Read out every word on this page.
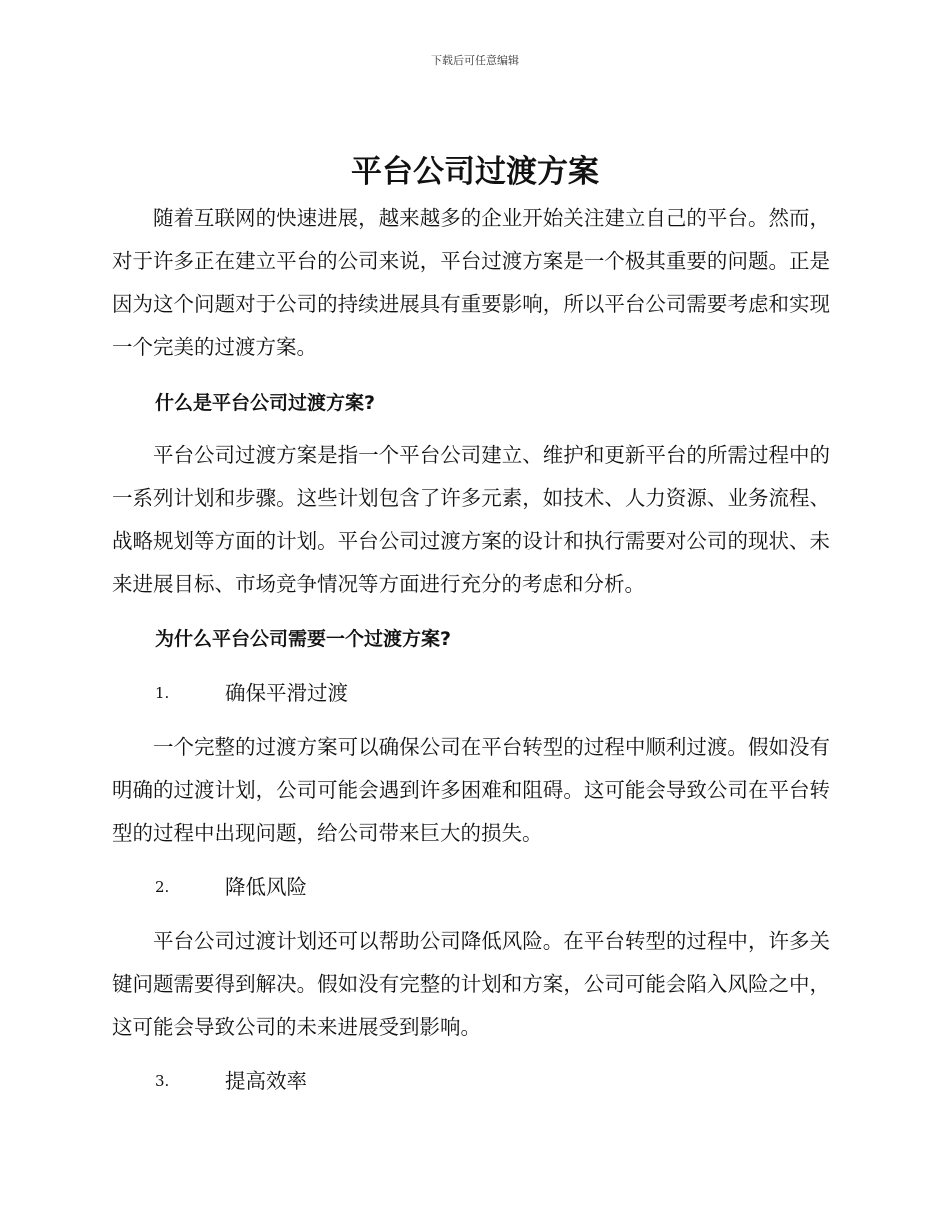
下载后可任意编辑
平台公司过渡方案

随着互联网的快速进展，越来越多的企业开始关注建立自己的平台。然而，对于许多正在建立平台的公司来说，平台过渡方案是一个极其重要的问题。正是因为这个问题对于公司的持续进展具有重要影响，所以平台公司需要考虑和实现一个完美的过渡方案。

什么是平台公司过渡方案?

平台公司过渡方案是指一个平台公司建立、维护和更新平台的所需过程中的一系列计划和步骤。这些计划包含了许多元素，如技术、人力资源、业务流程、战略规划等方面的计划。平台公司过渡方案的设计和执行需要对公司的现状、未来进展目标、市场竞争情况等方面进行充分的考虑和分析。

为什么平台公司需要一个过渡方案?
1.	确保平滑过渡

一个完整的过渡方案可以确保公司在平台转型的过程中顺利过渡。假如没有明确的过渡计划，公司可能会遇到许多困难和阻碍。这可能会导致公司在平台转型的过程中出现问题，给公司带来巨大的损失。

2.	降低风险

平台公司过渡计划还可以帮助公司降低风险。在平台转型的过程中，许多关键问题需要得到解决。假如没有完整的计划和方案，公司可能会陷入风险之中，这可能会导致公司的未来进展受到影响。

3.	提高效率
